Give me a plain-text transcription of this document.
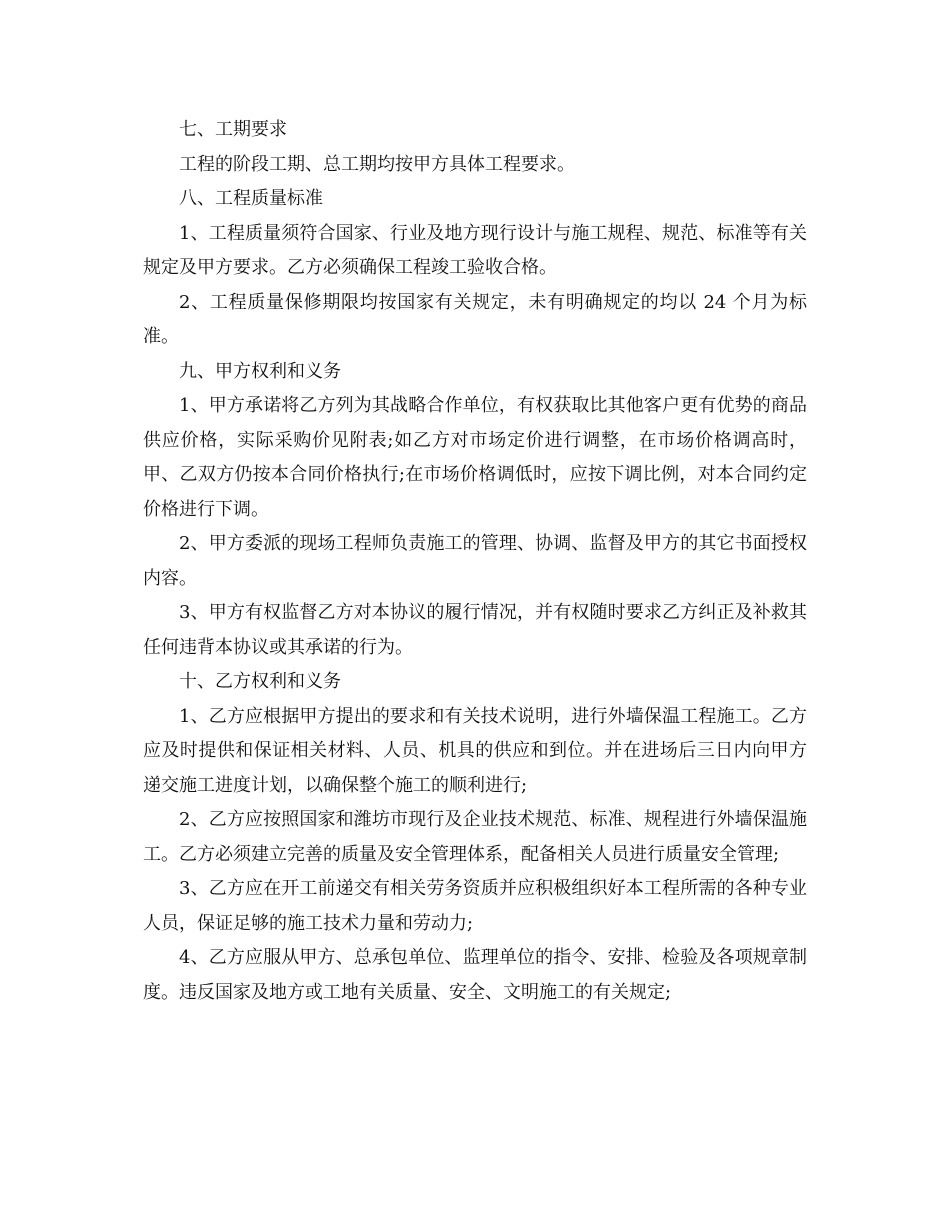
七、工期要求

工程的阶段工期、总工期均按甲方具体工程要求。

八、工程质量标准

1、工程质量须符合国家、行业及地方现行设计与施工规程、规范、标准等有关规定及甲方要求。乙方必须确保工程竣工验收合格。

2、工程质量保修期限均按国家有关规定，未有明确规定的均以 24 个月为标准。

九、甲方权利和义务

1、甲方承诺将乙方列为其战略合作单位，有权获取比其他客户更有优势的商品供应价格，实际采购价见附表;如乙方对市场定价进行调整，在市场价格调高时，甲、乙双方仍按本合同价格执行;在市场价格调低时，应按下调比例，对本合同约定价格进行下调。

2、甲方委派的现场工程师负责施工的管理、协调、监督及甲方的其它书面授权内容。

3、甲方有权监督乙方对本协议的履行情况，并有权随时要求乙方纠正及补救其任何违背本协议或其承诺的行为。

十、乙方权利和义务

1、乙方应根据甲方提出的要求和有关技术说明，进行外墙保温工程施工。乙方应及时提供和保证相关材料、人员、机具的供应和到位。并在进场后三日内向甲方递交施工进度计划，以确保整个施工的顺利进行;

2、乙方应按照国家和潍坊市现行及企业技术规范、标准、规程进行外墙保温施工。乙方必须建立完善的质量及安全管理体系，配备相关人员进行质量安全管理;

3、乙方应在开工前递交有相关劳务资质并应积极组织好本工程所需的各种专业人员，保证足够的施工技术力量和劳动力;

4、乙方应服从甲方、总承包单位、监理单位的指令、安排、检验及各项规章制度。违反国家及地方或工地有关质量、安全、文明施工的有关规定;
